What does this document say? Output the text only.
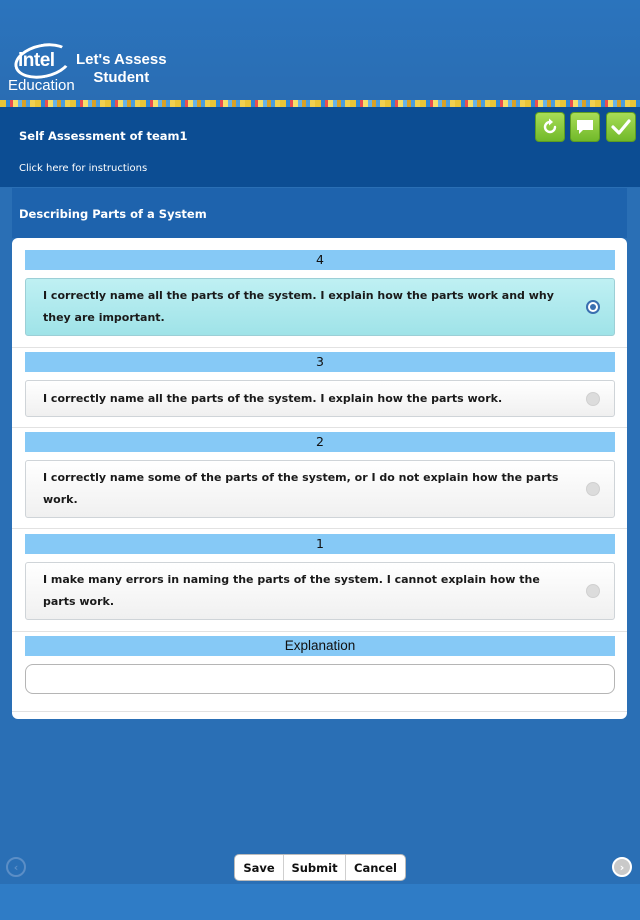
intel
Education
Let's Assess
Student
Self Assessment of team1
Click here for instructions
Describing Parts of a System
4
I correctly name all the parts of the system. I explain how the parts work and why they are important.
3
I correctly name all the parts of the system. I explain how the parts work.
2
I correctly name some of the parts of the system, or I do not explain how the parts work.
1
I make many errors in naming the parts of the system. I cannot explain how the parts work.
Explanation
‹	Save	Submit	Cancel	›
